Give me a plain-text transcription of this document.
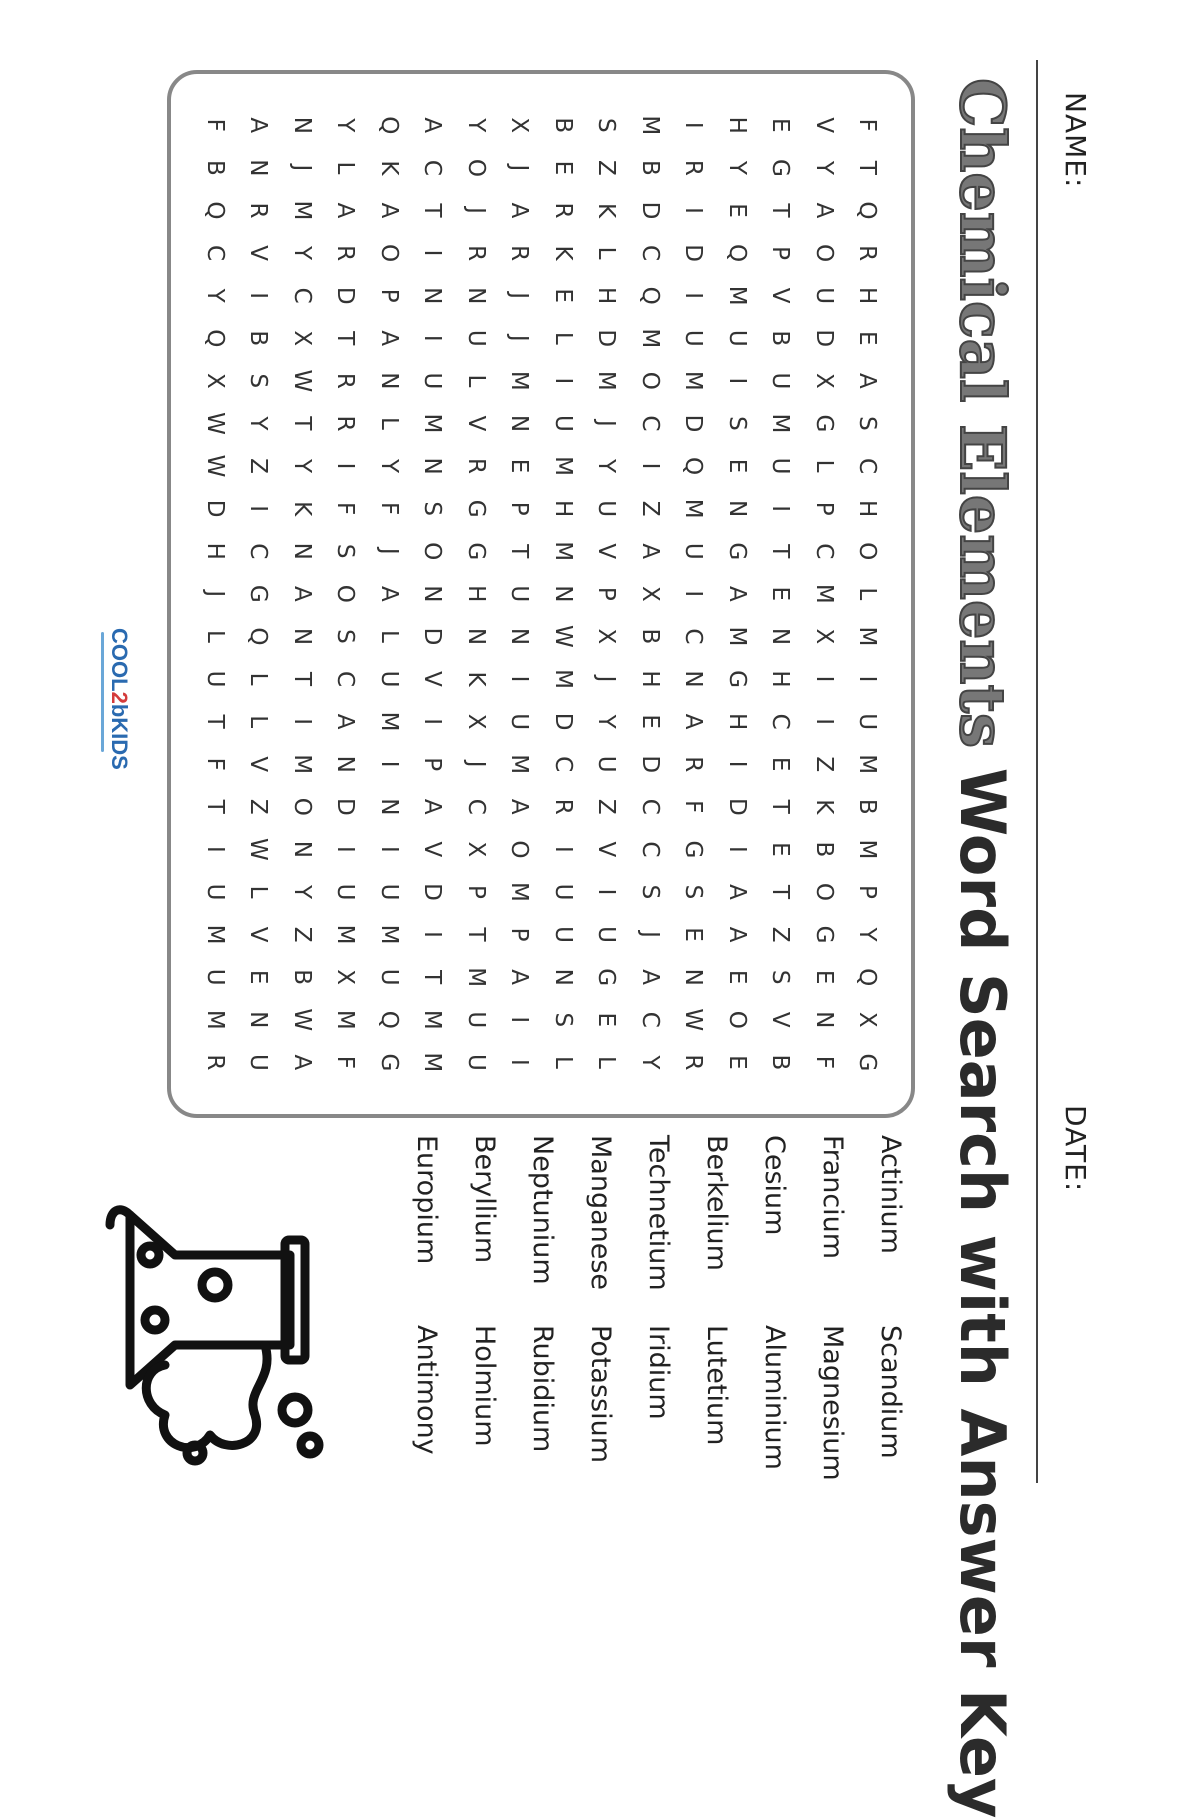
NAME:
DATE:
Chemical Elements Word Search with Answer Key
F
T
Q
R
H
E
A
S
C
H
O
L
M
I
U
M
B
M
P
Y
Q
X
G
V
Y
A
O
U
D
X
G
L
P
C
M
X
I
I
Z
K
B
O
G
E
N
F
E
G
T
P
V
B
U
M
U
I
T
E
N
H
C
E
T
E
T
Z
S
V
B
H
Y
E
Q
M
U
I
S
E
N
G
A
M
G
H
I
D
I
A
A
E
O
E
I
R
I
D
I
U
M
D
Q
M
U
I
C
N
A
R
F
G
S
E
N
W
R
M
B
D
C
Q
M
O
C
I
Z
A
X
B
H
E
D
C
C
S
J
A
C
Y
S
Z
K
L
H
D
M
J
Y
U
V
P
X
J
Y
U
Z
V
I
U
G
E
L
B
E
R
K
E
L
I
U
M
H
M
N
W
M
D
C
R
I
U
U
N
S
L
X
J
A
R
J
J
M
N
E
P
T
U
N
I
U
M
A
O
M
P
A
I
I
Y
O
J
R
N
U
L
V
R
G
G
H
N
K
X
J
C
X
P
T
M
U
U
A
C
T
I
N
I
U
M
N
S
O
N
D
V
I
P
A
V
D
I
T
M
M
Q
K
A
O
P
A
N
L
Y
F
J
A
L
U
M
I
N
I
U
M
U
Q
G
Y
L
A
R
D
T
R
R
I
F
S
O
S
C
A
N
D
I
U
M
X
M
F
N
J
M
Y
C
X
W
T
Y
K
N
A
N
T
I
M
O
N
Y
Z
B
W
A
A
N
R
V
I
B
S
Y
Z
I
C
G
Q
L
L
V
Z
W
L
V
E
N
U
F
B
Q
C
Y
Q
X
W
W
D
H
J
L
U
T
F
T
I
U
M
U
M
R
Actinium
Scandium
Francium
Magnesium
Cesium
Aluminium
Berkelium
Lutetium
Technetium
Iridium
Manganese
Potassium
Neptunium
Rubidium
Beryllium
Holmium
Europium
Antimony
COOL2bKIDS
